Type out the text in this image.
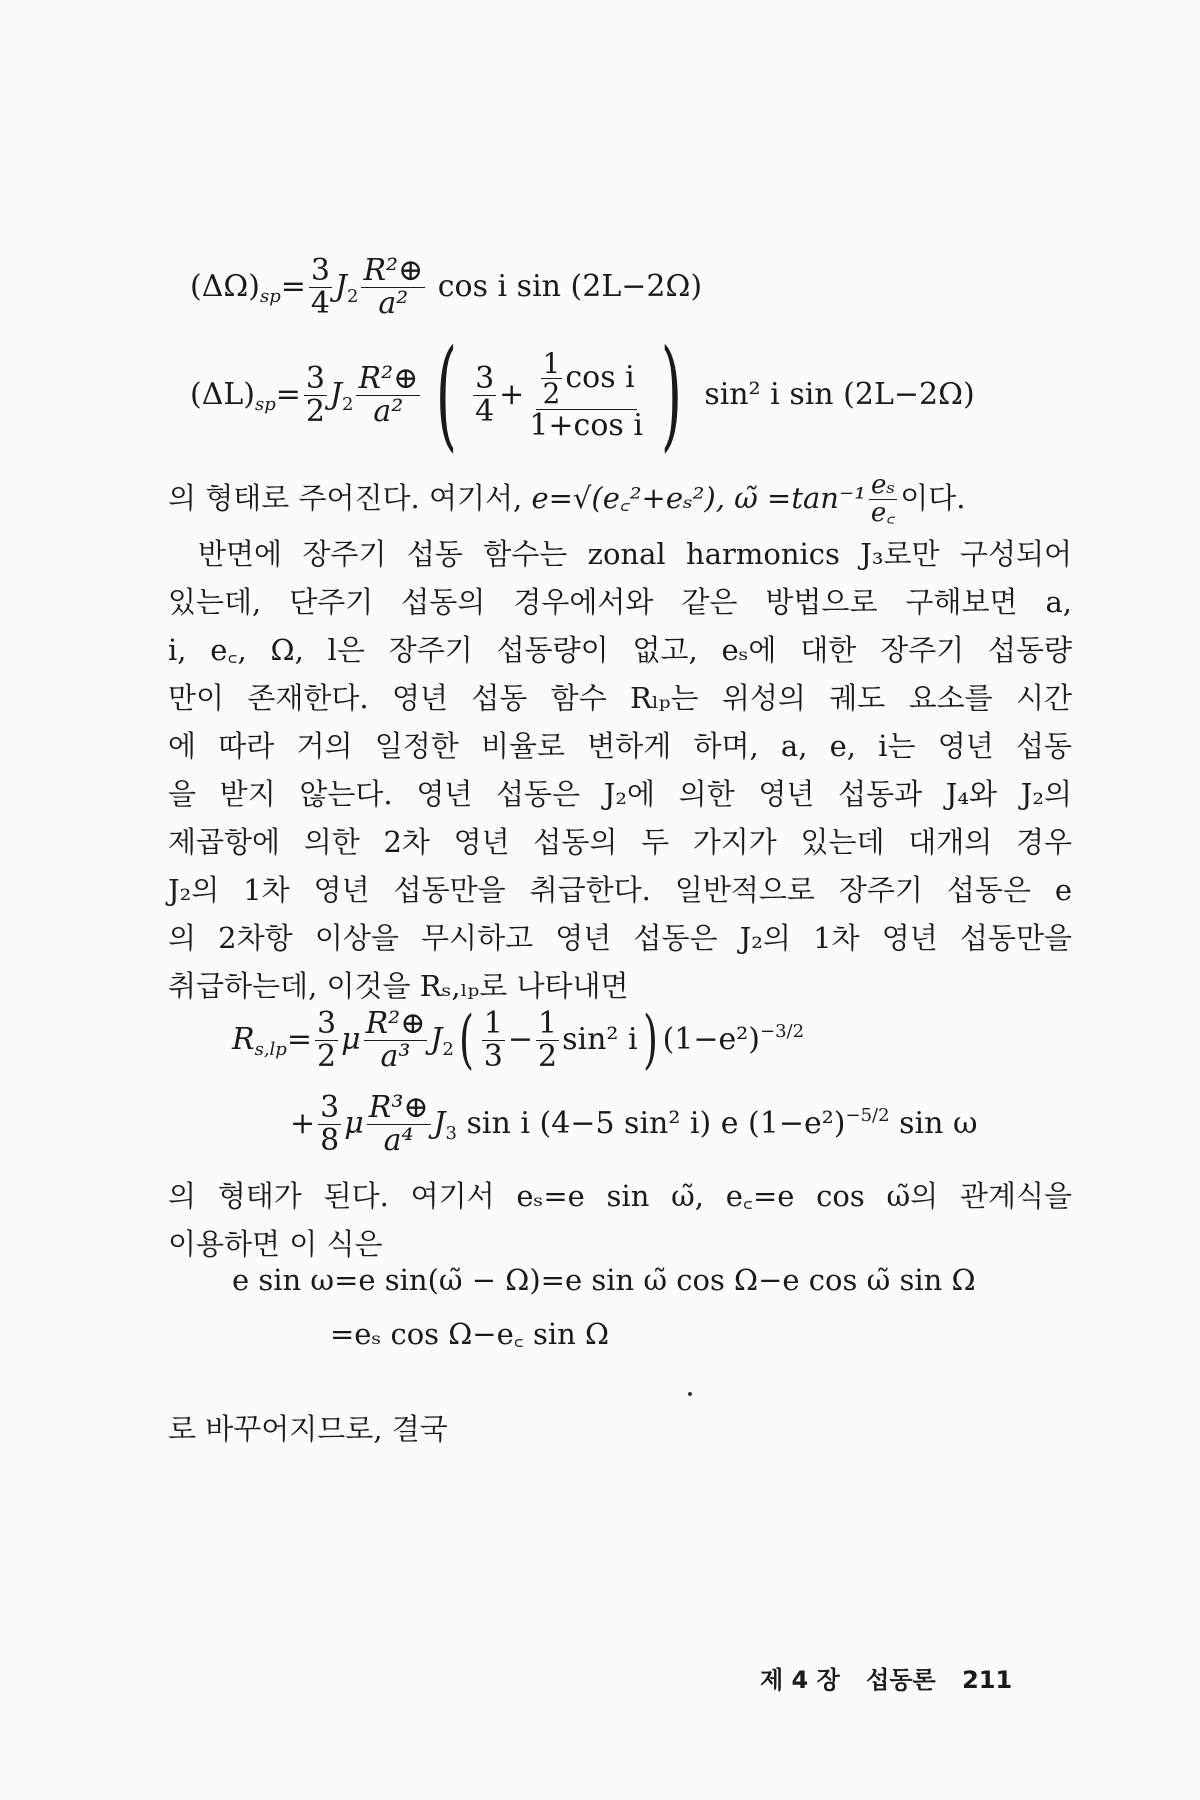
$(\Delta\Omega)_{sp}= \frac{3}{4} J_2 \frac{\text{R²⊕}}{\text{a²}}$ cos i sin (2L−2Ω)
$(\Delta L)_{sp}= \frac{3}{2} J_2 \frac{\text{R²⊕}}{\text{a²}}$ ( $\frac{3}{4} + \frac{\frac{1}{2} \cos i}{\text{1+cos i}}$ ) sin² i sin (2L−2Ω)
의 형태로 주어진다. 여기서, e=√(e꜀²+eₛ²), ω̃ $=\tan^{-1} \frac{\text{eₛ}}{e꜀}$ 이다.
반면에 장주기 섭동 함수는 zonal harmonics J₃로만 구성되어
있는데, 단주기 섭동의 경우에서와 같은 방법으로 구해보면 a,
i, e꜀, Ω, l은 장주기 섭동량이 없고, eₛ에 대한 장주기 섭동량
만이 존재한다. 영년 섭동 함수 Rₗₚ는 위성의 궤도 요소를 시간
에 따라 거의 일정한 비율로 변하게 하며, a, e, i는 영년 섭동
을 받지 않는다. 영년 섭동은 J₂에 의한 영년 섭동과 J₄와 J₂의
제곱항에 의한 2차 영년 섭동의 두 가지가 있는데 대개의 경우
J₂의 1차 영년 섭동만을 취급한다. 일반적으로 장주기 섭동은 e
의 2차항 이상을 무시하고 영년 섭동은 J₂의 1차 영년 섭동만을
취급하는데, 이것을 Rₛ,ₗₚ로 나타내면
$R_{s,lp}= \frac{3}{2}$ μ $\frac{\text{R²⊕}}{\text{a³}} J_2( \frac{1}{3} - \frac{1}{2} \sin^2$ i) $(1-e^2)^{-3/2}$
+ $\frac{3}{8}$ μ $\frac{\text{R³⊕}}{\text{a⁴}} J_3$ sin i (4−5 sin² i) e $(1-e^2)^{-5/2}$ sin ω
의 형태가 된다. 여기서 eₛ=e sin ω̃, e꜀=e cos ω̃의 관계식을
이용하면 이 식은
e sin ω=e sin(ω̃ − Ω)=e sin ω̃ cos Ω−e cos ω̃ sin Ω
=eₛ cos Ω−e꜀ sin Ω
로 바꾸어지므로, 결국
제 4 장 섭동론 211
